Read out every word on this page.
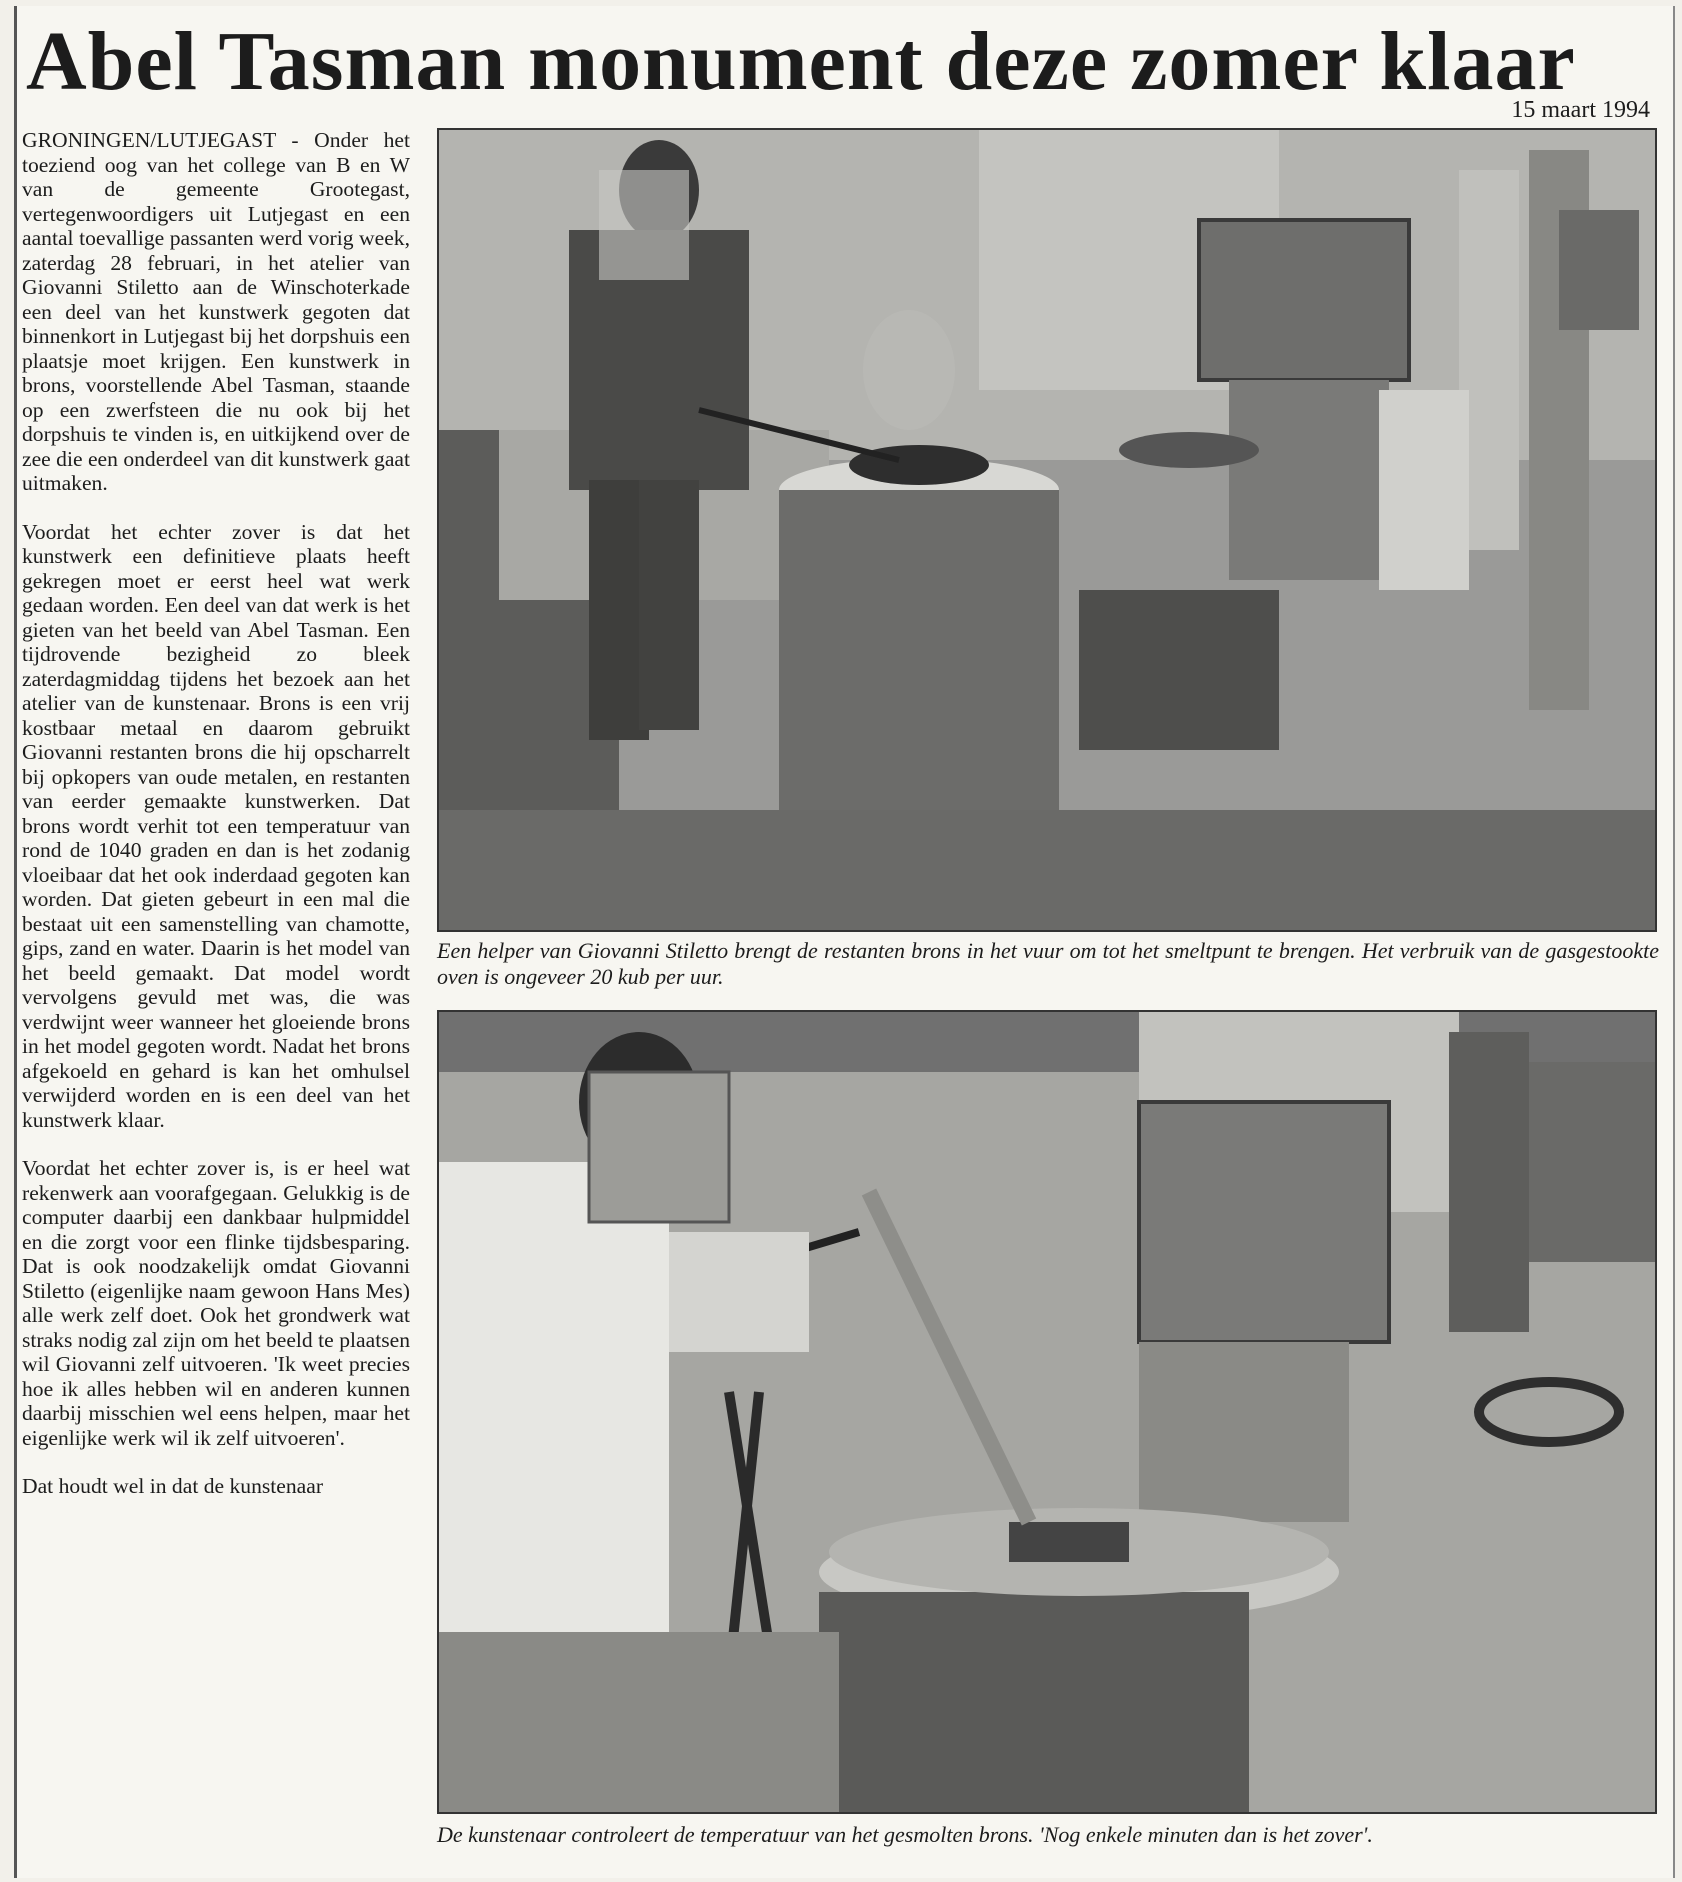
Abel Tasman monument deze zomer klaar
15 maart 1994

GRONINGEN/LUTJEGAST - Onder het toeziend oog van het college van B en W van de gemeente Grootegast, vertegenwoordigers uit Lutjegast en een aantal toevallige passanten werd vorig week, zaterdag 28 februari, in het atelier van Giovanni Stiletto aan de Winschoterkade een deel van het kunstwerk gegoten dat binnenkort in Lutjegast bij het dorpshuis een plaatsje moet krijgen. Een kunstwerk in brons, voorstellende Abel Tasman, staande op een zwerfsteen die nu ook bij het dorpshuis te vinden is, en uitkijkend over de zee die een onderdeel van dit kunstwerk gaat uitmaken.

Voordat het echter zover is dat het kunstwerk een definitieve plaats heeft gekregen moet er eerst heel wat werk gedaan worden. Een deel van dat werk is het gieten van het beeld van Abel Tasman. Een tijdrovende bezigheid zo bleek zaterdagmiddag tijdens het bezoek aan het atelier van de kunstenaar. Brons is een vrij kostbaar metaal en daarom gebruikt Giovanni restanten brons die hij opscharrelt bij opkopers van oude metalen, en restanten van eerder gemaakte kunstwerken. Dat brons wordt verhit tot een temperatuur van rond de 1040 graden en dan is het zodanig vloeibaar dat het ook inderdaad gegoten kan worden. Dat gieten gebeurt in een mal die bestaat uit een samenstelling van chamotte, gips, zand en water. Daarin is het model van het beeld gemaakt. Dat model wordt vervolgens gevuld met was, die was verdwijnt weer wanneer het gloeiende brons in het model gegoten wordt. Nadat het brons afgekoeld en gehard is kan het omhulsel verwijderd worden en is een deel van het kunstwerk klaar.

Voordat het echter zover is, is er heel wat rekenwerk aan voorafgegaan. Gelukkig is de computer daarbij een dankbaar hulpmiddel en die zorgt voor een flinke tijdsbesparing. Dat is ook noodzakelijk omdat Giovanni Stiletto (eigenlijke naam gewoon Hans Mes) alle werk zelf doet. Ook het grondwerk wat straks nodig zal zijn om het beeld te plaatsen wil Giovanni zelf uitvoeren. 'Ik weet precies hoe ik alles hebben wil en anderen kunnen daarbij misschien wel eens helpen, maar het eigenlijke werk wil ik zelf uitvoeren'.

Dat houdt wel in dat de kunstenaar

Een helper van Giovanni Stiletto brengt de restanten brons in het vuur om tot het smeltpunt te brengen. Het verbruik van de gasgestookte oven is ongeveer 20 kub per uur.
De kunstenaar controleert de temperatuur van het gesmolten brons. 'Nog enkele minuten dan is het zover'.
